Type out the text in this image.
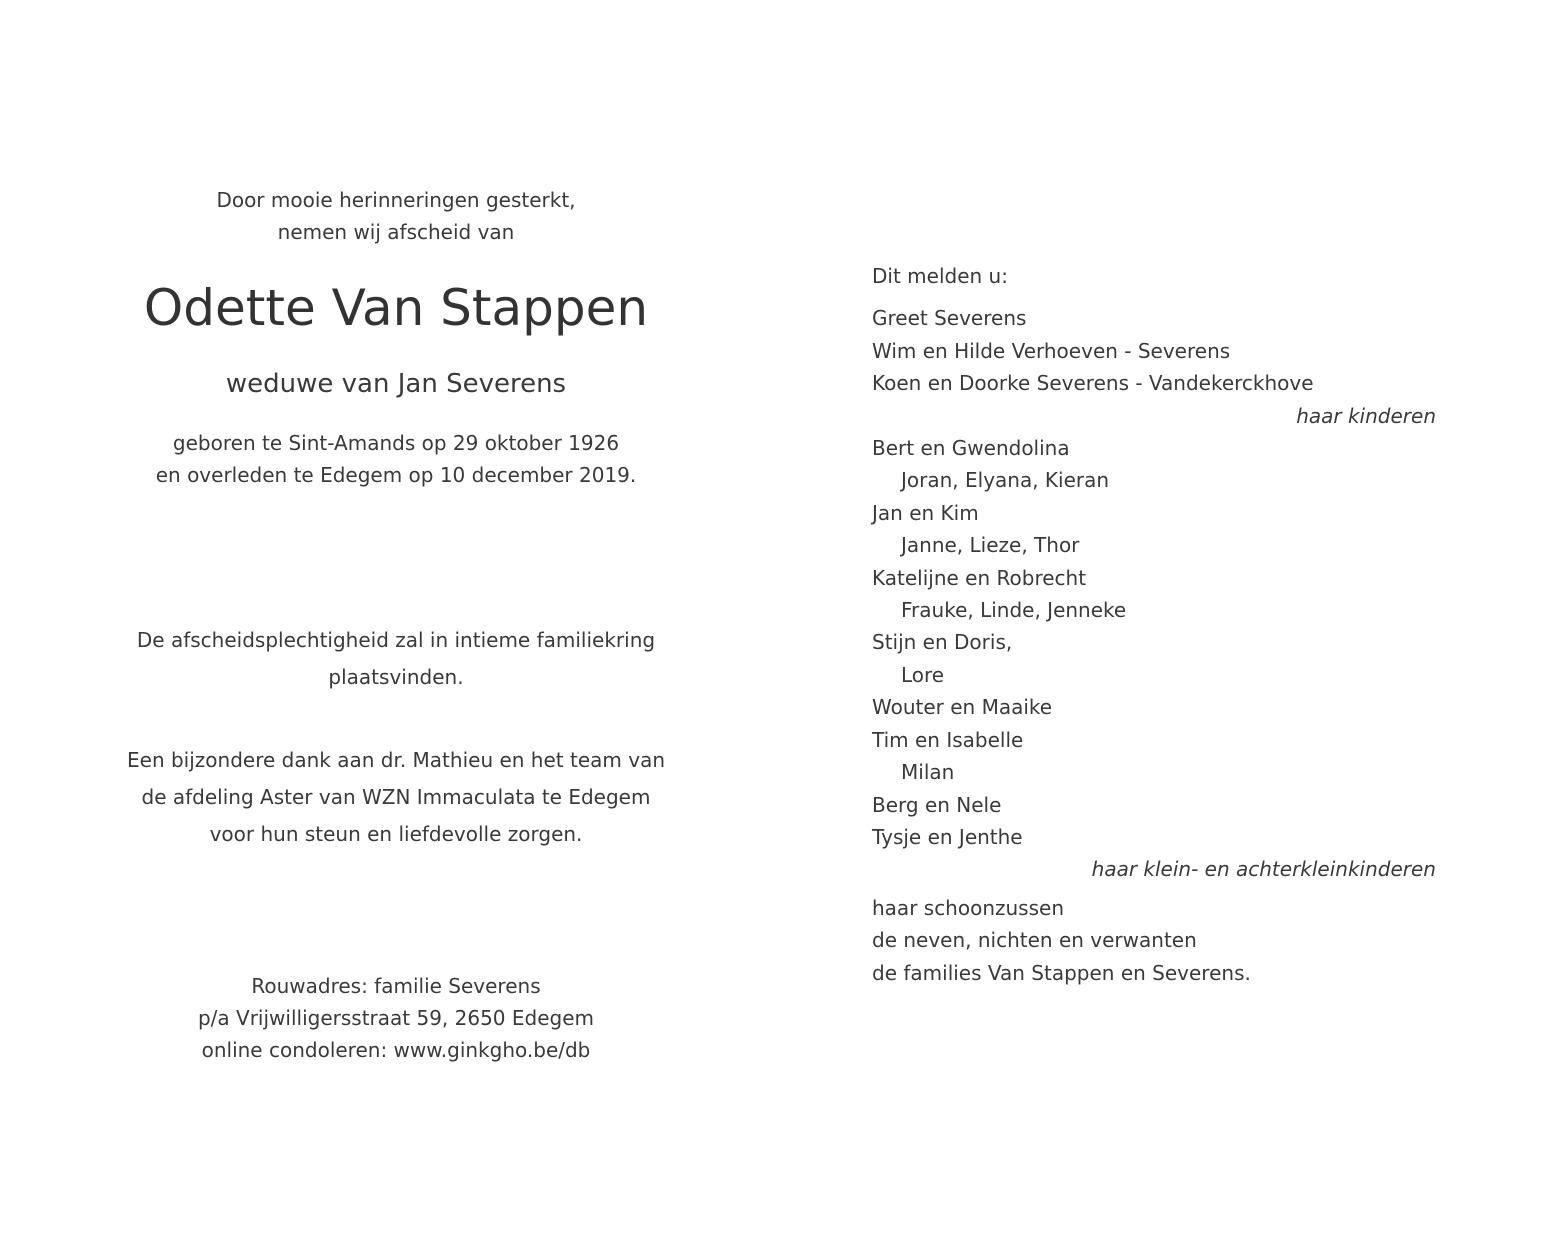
Door mooie herinneringen gesterkt,
nemen wij afscheid van
Odette Van Stappen
weduwe van Jan Severens
geboren te Sint-Amands op 29 oktober 1926
en overleden te Edegem op 10 december 2019.
De afscheidsplechtigheid zal in intieme familiekring
plaatsvinden.
Een bijzondere dank aan dr. Mathieu en het team van
de afdeling Aster van WZN Immaculata te Edegem
voor hun steun en liefdevolle zorgen.
Rouwadres: familie Severens
p/a Vrijwilligersstraat 59, 2650 Edegem
online condoleren: www.ginkgho.be/db
Dit melden u:
Greet Severens
Wim en Hilde Verhoeven - Severens
Koen en Doorke Severens - Vandekerckhove
haar kinderen
Bert en Gwendolina
Joran, Elyana, Kieran
Jan en Kim
Janne, Lieze, Thor
Katelijne en Robrecht
Frauke, Linde, Jenneke
Stijn en Doris,
Lore
Wouter en Maaike
Tim en Isabelle
Milan
Berg en Nele
Tysje en Jenthe
haar klein- en achterkleinkinderen
haar schoonzussen
de neven, nichten en verwanten
de families Van Stappen en Severens.
